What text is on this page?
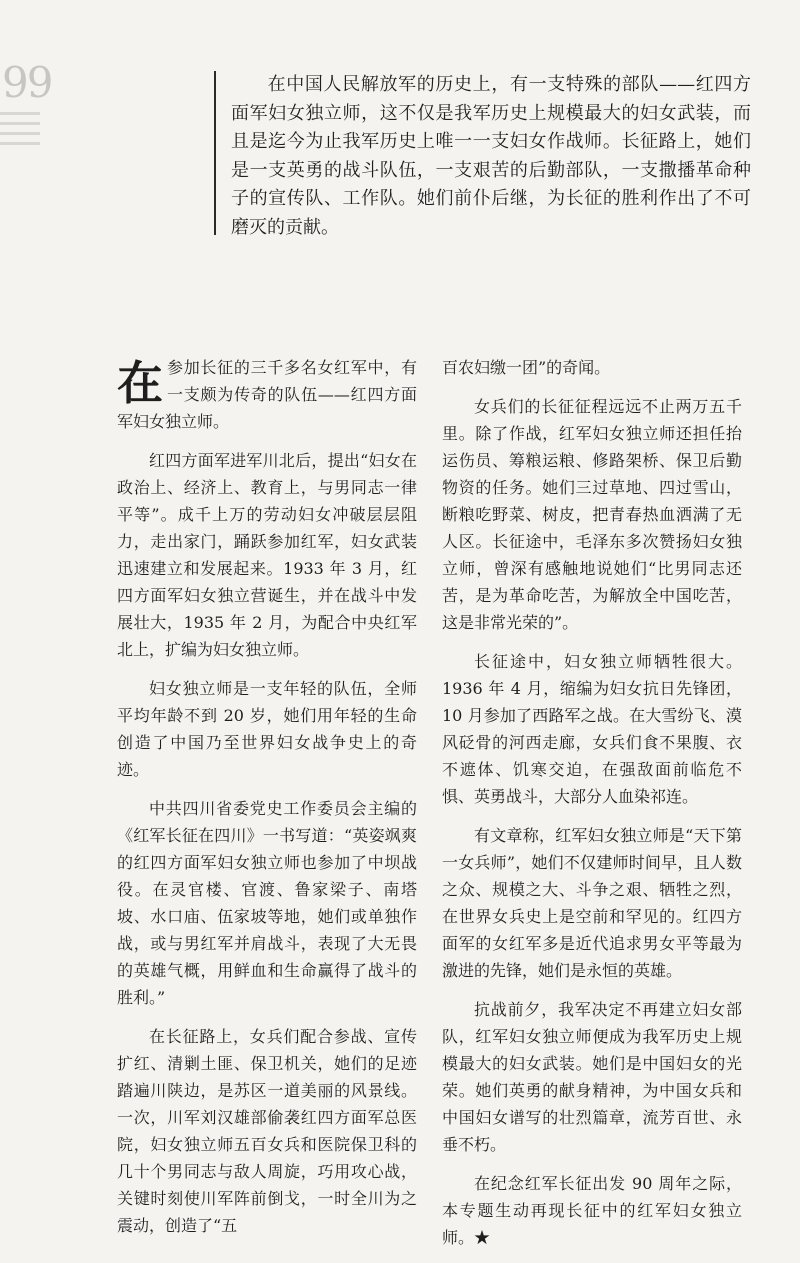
99	在中国人民解放军的历史上，有一支特殊的部队——红四方面军妇女独立师，这不仅是我军历史上规模最大的妇女武装，而且是迄今为止我军历史上唯一一支妇女作战师。长征路上，她们是一支英勇的战斗队伍，一支艰苦的后勤部队，一支撒播革命种子的宣传队、工作队。她们前仆后继，为长征的胜利作出了不可磨灭的贡献。

在参加长征的三千多名女红军中，有一支颇为传奇的队伍——红四方面军妇女独立师。

红四方面军进军川北后，提出“妇女在政治上、经济上、教育上，与男同志一律平等”。成千上万的劳动妇女冲破层层阻力，走出家门，踊跃参加红军，妇女武装迅速建立和发展起来。1933 年 3 月，红四方面军妇女独立营诞生，并在战斗中发展壮大，1935 年 2 月，为配合中央红军北上，扩编为妇女独立师。

妇女独立师是一支年轻的队伍，全师平均年龄不到 20 岁，她们用年轻的生命创造了中国乃至世界妇女战争史上的奇迹。

中共四川省委党史工作委员会主编的《红军长征在四川》一书写道：“英姿飒爽的红四方面军妇女独立师也参加了中坝战役。在灵官楼、官渡、鲁家梁子、南塔坡、水口庙、伍家坡等地，她们或单独作战，或与男红军并肩战斗，表现了大无畏的英雄气概，用鲜血和生命赢得了战斗的胜利。”

在长征路上，女兵们配合参战、宣传扩红、清剿土匪、保卫机关，她们的足迹踏遍川陕边，是苏区一道美丽的风景线。一次，川军刘汉雄部偷袭红四方面军总医院，妇女独立师五百女兵和医院保卫科的几十个男同志与敌人周旋，巧用攻心战，关键时刻使川军阵前倒戈，一时全川为之震动，创造了“五

百农妇缴一团”的奇闻。

女兵们的长征征程远远不止两万五千里。除了作战，红军妇女独立师还担任抬运伤员、筹粮运粮、修路架桥、保卫后勤物资的任务。她们三过草地、四过雪山，断粮吃野菜、树皮，把青春热血洒满了无人区。长征途中，毛泽东多次赞扬妇女独立师，曾深有感触地说她们“比男同志还苦，是为革命吃苦，为解放全中国吃苦，这是非常光荣的”。

长征途中，妇女独立师牺牲很大。1936 年 4 月，缩编为妇女抗日先锋团，10 月参加了西路军之战。在大雪纷飞、漠风砭骨的河西走廊，女兵们食不果腹、衣不遮体、饥寒交迫，在强敌面前临危不惧、英勇战斗，大部分人血染祁连。

有文章称，红军妇女独立师是“天下第一女兵师”，她们不仅建师时间早，且人数之众、规模之大、斗争之艰、牺牲之烈，在世界女兵史上是空前和罕见的。红四方面军的女红军多是近代追求男女平等最为激进的先锋，她们是永恒的英雄。

抗战前夕，我军决定不再建立妇女部队，红军妇女独立师便成为我军历史上规模最大的妇女武装。她们是中国妇女的光荣。她们英勇的献身精神，为中国女兵和中国妇女谱写的壮烈篇章，流芳百世、永垂不朽。

在纪念红军长征出发 90 周年之际，本专题生动再现长征中的红军妇女独立师。★
